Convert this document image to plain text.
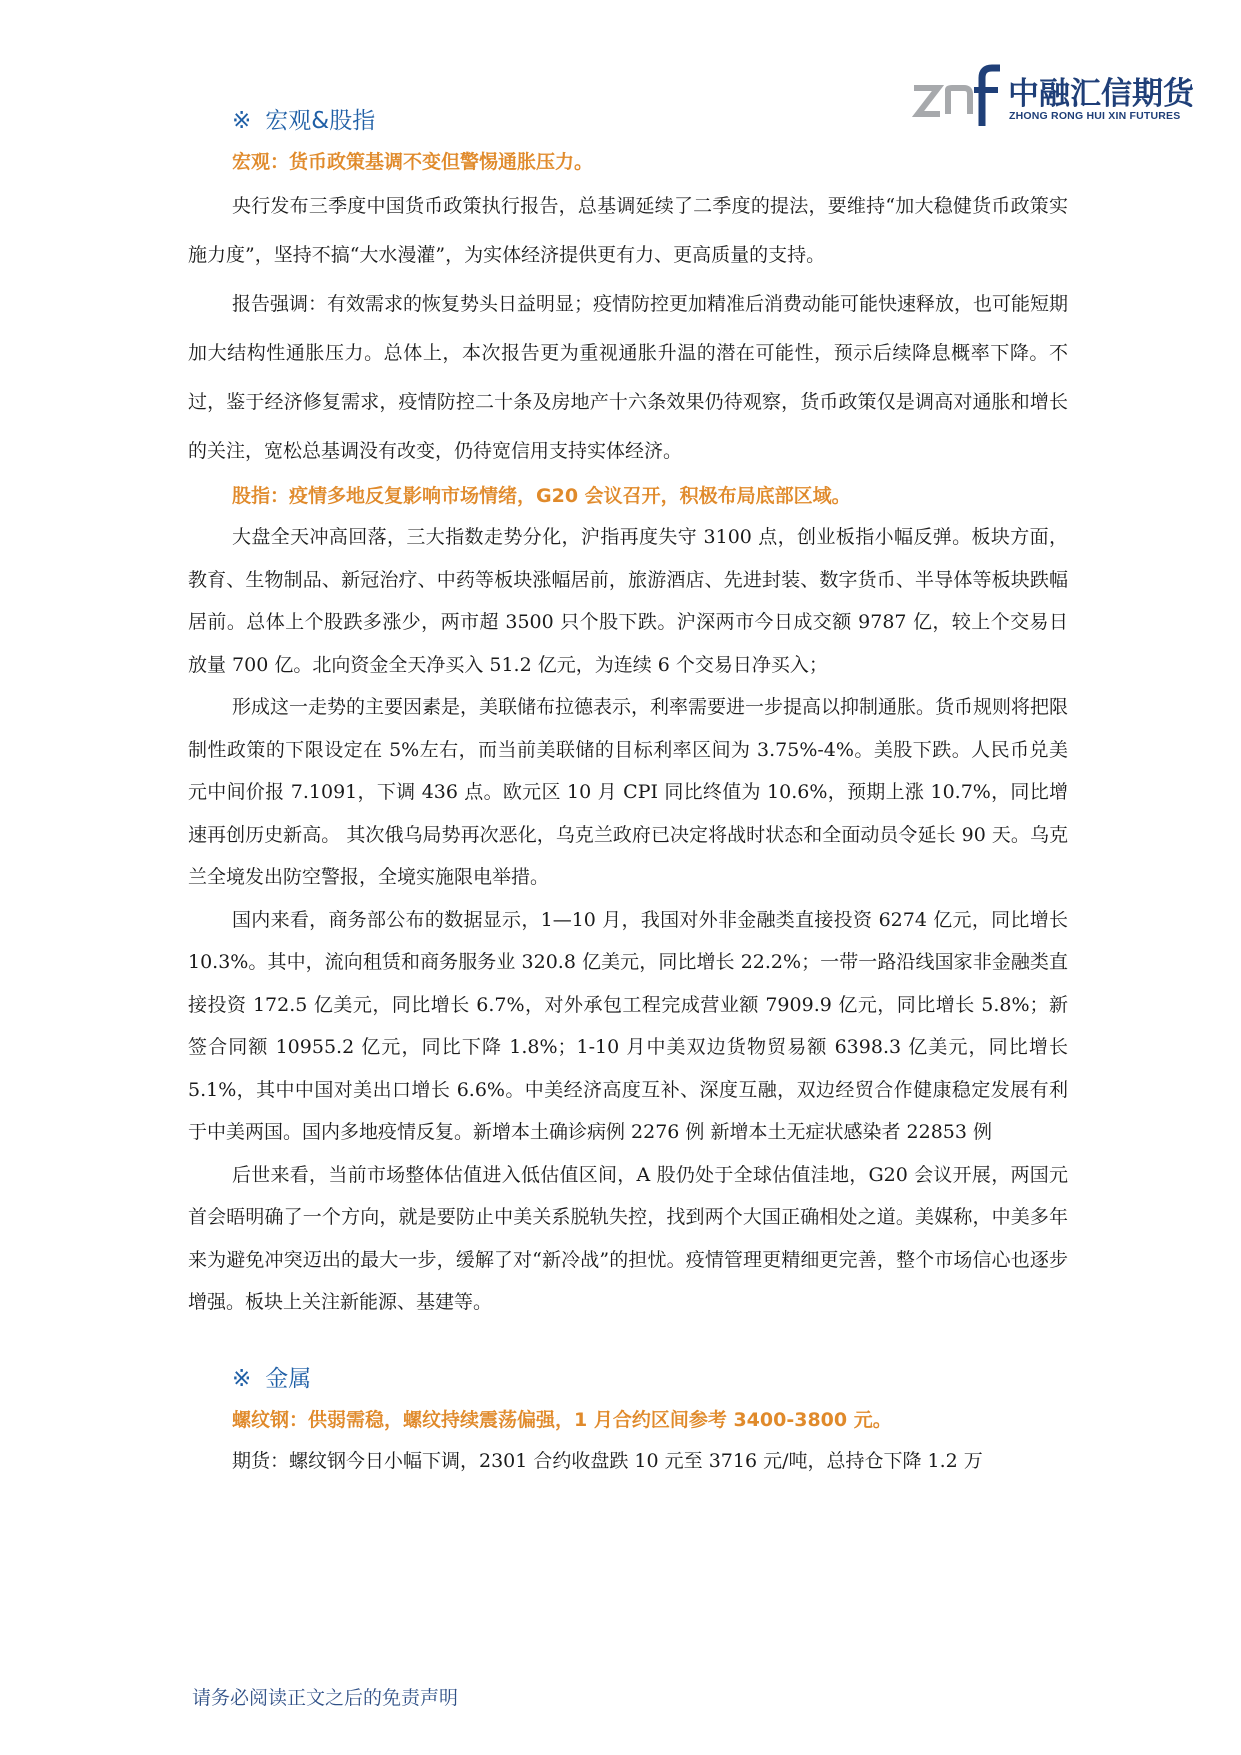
中融汇信期货
ZHONG RONG HUI XIN FUTURES
※ 宏观&股指
宏观：货币政策基调不变但警惕通胀压力。

央行发布三季度中国货币政策执行报告，总基调延续了二季度的提法，要维持“加大稳健货币政策实施力度”，坚持不搞“大水漫灌”，为实体经济提供更有力、更高质量的支持。

报告强调：有效需求的恢复势头日益明显；疫情防控更加精准后消费动能可能快速释放，也可能短期加大结构性通胀压力。总体上，本次报告更为重视通胀升温的潜在可能性，预示后续降息概率下降。不过，鉴于经济修复需求，疫情防控二十条及房地产十六条效果仍待观察，货币政策仅是调高对通胀和增长的关注，宽松总基调没有改变，仍待宽信用支持实体经济。

股指：疫情多地反复影响市场情绪，G20 会议召开，积极布局底部区域。

大盘全天冲高回落，三大指数走势分化，沪指再度失守 3100 点，创业板指小幅反弹。板块方面，教育、生物制品、新冠治疗、中药等板块涨幅居前，旅游酒店、先进封装、数字货币、半导体等板块跌幅居前。总体上个股跌多涨少，两市超 3500 只个股下跌。沪深两市今日成交额 9787 亿，较上个交易日放量 700 亿。北向资金全天净买入 51.2 亿元，为连续 6 个交易日净买入；

形成这一走势的主要因素是，美联储布拉德表示，利率需要进一步提高以抑制通胀。货币规则将把限制性政策的下限设定在 5%左右，而当前美联储的目标利率区间为 3.75%-4%。美股下跌。人民币兑美元中间价报 7.1091，下调 436 点。欧元区 10 月 CPI 同比终值为 10.6%，预期上涨 10.7%，同比增速再创历史新高。 其次俄乌局势再次恶化，乌克兰政府已决定将战时状态和全面动员令延长 90 天。乌克兰全境发出防空警报，全境实施限电举措。

国内来看，商务部公布的数据显示，1—10 月，我国对外非金融类直接投资 6274 亿元，同比增长 10.3%。其中，流向租赁和商务服务业 320.8 亿美元，同比增长 22.2%；一带一路沿线国家非金融类直接投资 172.5 亿美元，同比增长 6.7%，对外承包工程完成营业额 7909.9 亿元，同比增长 5.8%；新签合同额 10955.2 亿元，同比下降 1.8%；1-10 月中美双边货物贸易额 6398.3 亿美元，同比增长 5.1%，其中中国对美出口增长 6.6%。中美经济高度互补、深度互融，双边经贸合作健康稳定发展有利于中美两国。国内多地疫情反复。新增本土确诊病例 2276 例 新增本土无症状感染者 22853 例

后世来看，当前市场整体估值进入低估值区间，A 股仍处于全球估值洼地，G20 会议开展，两国元首会晤明确了一个方向，就是要防止中美关系脱轨失控，找到两个大国正确相处之道。美媒称，中美多年来为避免冲突迈出的最大一步，缓解了对“新冷战”的担忧。疫情管理更精细更完善，整个市场信心也逐步增强。板块上关注新能源、基建等。

※ 金属
螺纹钢：供弱需稳，螺纹持续震荡偏强，1 月合约区间参考 3400-3800 元。

期货：螺纹钢今日小幅下调，2301 合约收盘跌 10 元至 3716 元/吨，总持仓下降 1.2 万

请务必阅读正文之后的免责声明
